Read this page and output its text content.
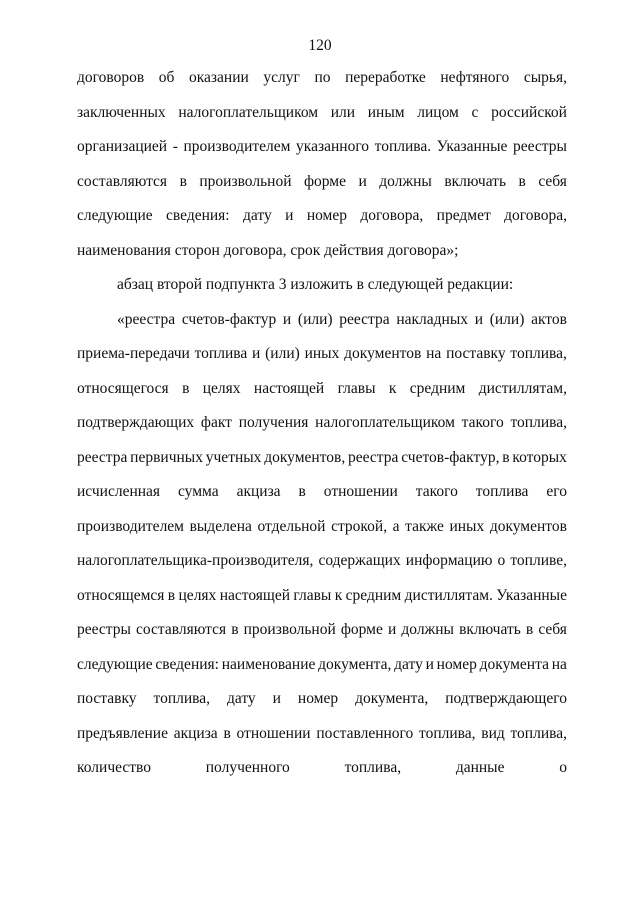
120
договоров об оказании услуг по переработке нефтяного сырья,
заключенных налогоплательщиком или иным лицом с российской
организацией - производителем указанного топлива. Указанные реестры
составляются в произвольной форме и должны включать в себя
следующие сведения: дату и номер договора, предмет договора,
наименования сторон договора, срок действия договора»;
абзац второй подпункта 3 изложить в следующей редакции:
«реестра счетов-фактур и (или) реестра накладных и (или) актов
приема-передачи топлива и (или) иных документов на поставку топлива,
относящегося в целях настоящей главы к средним дистиллятам,
подтверждающих факт получения налогоплательщиком такого топлива,
реестра первичных учетных документов, реестра счетов-фактур, в которых
исчисленная сумма акциза в отношении такого топлива его
производителем выделена отдельной строкой, а также иных документов
налогоплательщика-производителя, содержащих информацию о топливе,
относящемся в целях настоящей главы к средним дистиллятам. Указанные
реестры составляются в произвольной форме и должны включать в себя
следующие сведения: наименование документа, дату и номер документа на
поставку топлива, дату и номер документа, подтверждающего
предъявление акциза в отношении поставленного топлива, вид топлива,
количество	полученного	топлива,	данные	о
